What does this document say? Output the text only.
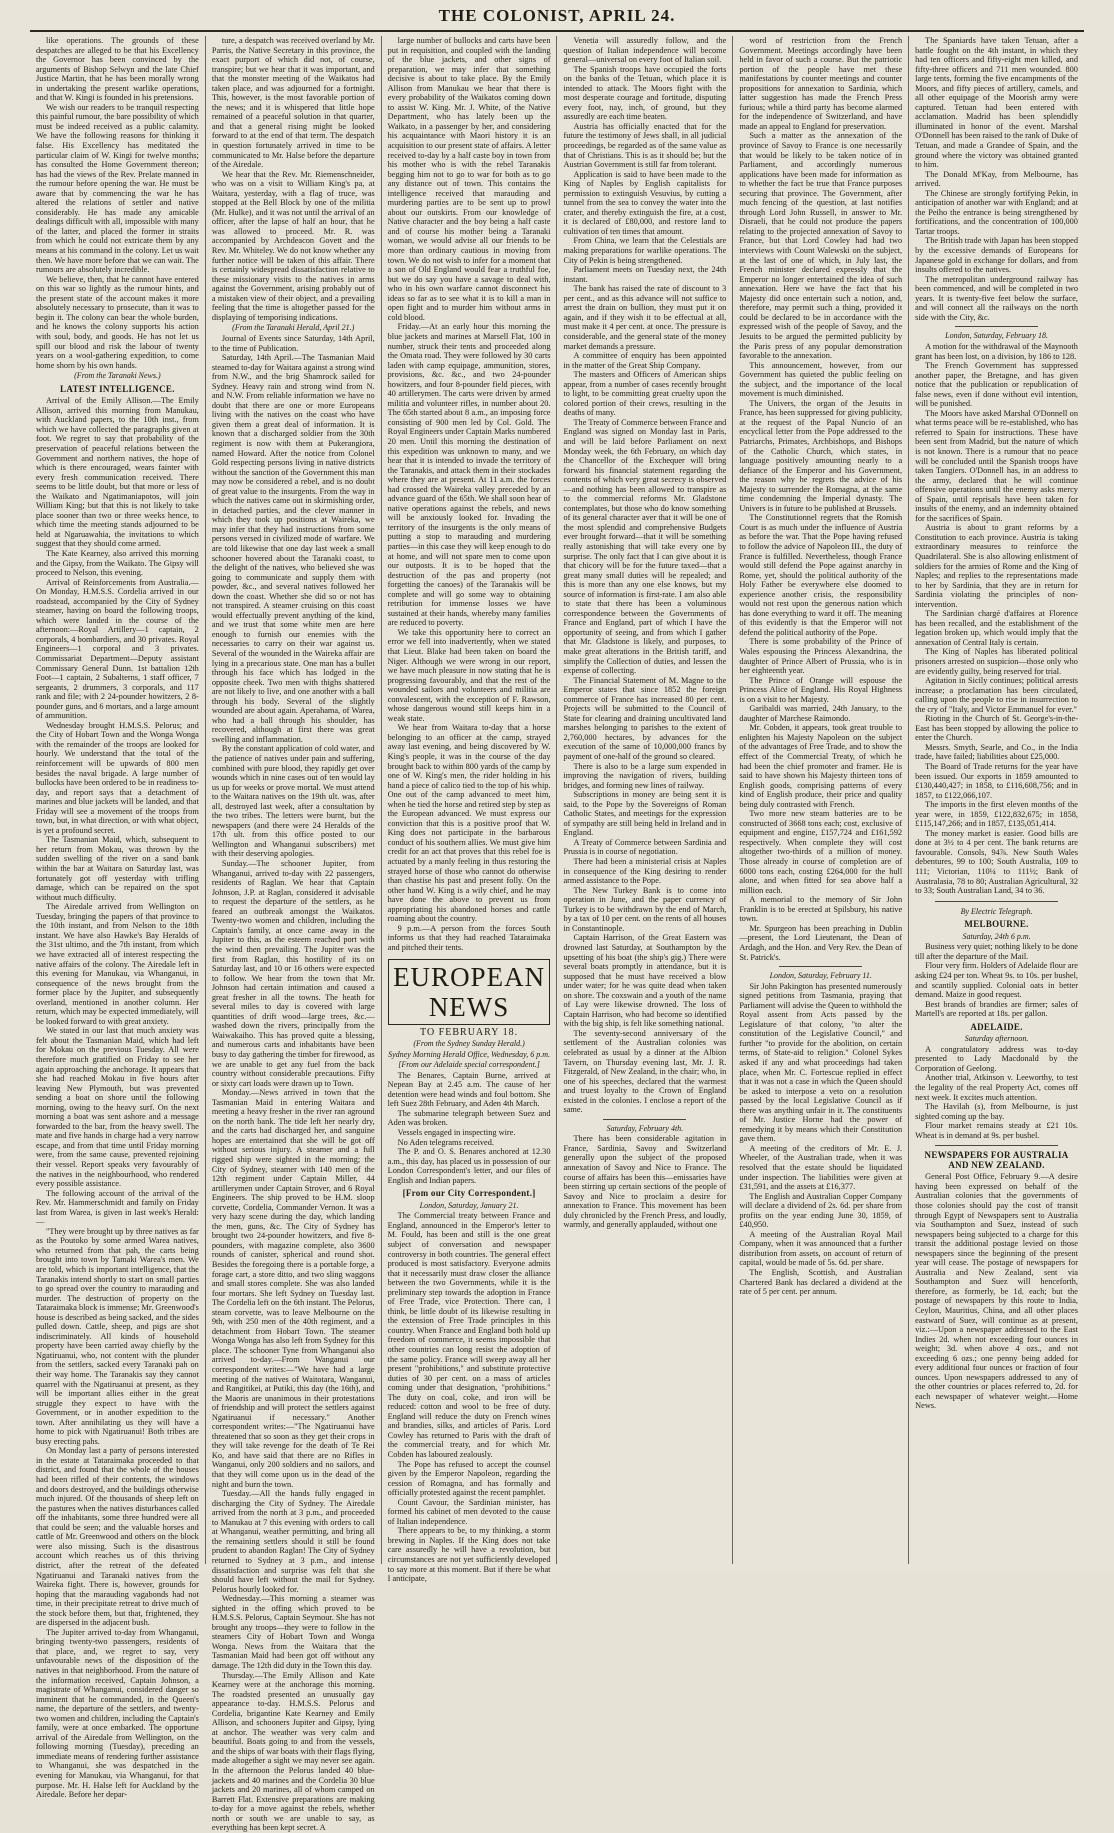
THE COLONIST, APRIL 24.

like operations. The grounds of these despatches are alleged to be that his Excellency the Governor has been convinced by the arguments of Bishop Selwyn and the late Chief Justice Martin, that he has been morally wrong in undertaking the present warlike operations, and that W. Kingi is founded in his pretensions.

We wish our readers to be tranquil respecting this painful rumour, the bare possibility of which must be indeed received as a public calamity. We have the following reasons for thinking it false. His Excellency has meditated the particular claim of W. Kingi for twelve months; has consulted the Home Government thereon; has had the views of the Rev. Prelate manned in the rumour before opening the war. He must be aware that by commencing the war he has altered the relations of settler and native considerably. He has made any amicable dealings difficult with all, impossible with many of the latter, and placed the former in straits from which he could not extricate them by any means at his command in the colony. Let us wait then. We have more before that we can wait. The rumours are absolutely incredible.

We believe, then, that he cannot have entered on this war so lightly as the rumour hints, and the present state of the account makes it more absolutely necessary to prosecute, than it was to begin it. The colony can bear the whole burden, and he knows the colony supports his action with soul, body, and goods. He has not let us spill our blood and risk the labour of twenty years on a wool-gathering expedition, to come home shorn by his own hands.

(From the Taranaki News.)
LATEST INTELLIGENCE.

Arrival of the Emily Allison.—The Emily Allison, arrived this morning from Manukau, with Auckland papers, to the 10th inst., from which we have collected the paragraphs given at foot. We regret to say that probability of the preservation of peaceful relations between the Government and northern natives, the hope of which is there encouraged, wears fainter with every fresh communication received. There seems to be little doubt, but that more or less of the Waikato and Ngatimaniapotos, will join William King; but that this is not likely to take place sooner than two or three weeks hence, to which time the meeting stands adjourned to be held at Ngaruawahia, the invitations to which suggest that they should come armed.

The Kate Kearney, also arrived this morning and the Gipsy, from the Waikato. The Gipsy will proceed to Nelson, this evening.

Arrival of Reinforcements from Australia.—On Monday, H.M.S.S. Cordelia arrived in our roadstead, accompanied by the City of Sydney steamer, having on board the following troops, which were landed in the course of the afternoon:—Royal Artillery—1 captain, 2 corporals, 4 bombardiers, and 30 privates. Royal Engineers—1 corporal and 3 privates. Commissariat Department—Deputy assistant Commissary General Dunn. 1st battalion 12th Foot—1 captain, 2 Subalterns, 1 staff officer, 7 sergeants, 2 drummers, 3 corporals, and 117 rank and file; with 2 24-pounder howitzers, 2 8-pounder guns, and 6 mortars, and a large amount of ammunition.

Wednesday brought H.M.S.S. Pelorus; and the City of Hobart Town and the Wonga Wonga with the remainder of the troops are looked for hourly. We understand that the total of the reinforcement will be upwards of 800 men besides the naval brigade. A large number of bullocks have been ordered to be in readiness to-day, and report says that a detachment of marines and blue jackets will be landed, and that Friday will see a movement of the troops from town, but, in what direction, or with what object, is yet a profound secret.

The Tasmanian Maid, which, subsequent to her return from Mokau, was thrown by the sudden swelling of the river on a sand bank within the bar at Waitara on Saturday last, was fortunately got off yesterday with trifling damage, which can be repaired on the spot without much difficulty.

The Airedale arrived from Wellington on Tuesday, bringing the papers of that province to the 10th instant, and from Nelson to the 18th instant. We have also Hawke's Bay Heralds of the 31st ultimo, and the 7th instant, from which we have extracted all of interest respecting the native affairs of the colony. The Airedale left in this evening for Manukau, via Whanganui, in consequence of the news brought from the former place by the Jupiter, and subsequently overland, mentioned in another column. Her return, which may be expected immediately, will be looked forward to with great anxiety.

We stated in our last that much anxiety was felt about the Tasmanian Maid, which had left for Mokau on the previous Tuesday. All were therefore much gratified on Friday to see her again approaching the anchorage. It appears that she had reached Mokau in five hours after leaving New Plymouth, but was prevented sending a boat on shore until the following morning, owing to the heavy surf. On the next morning a boat was sent ashore and a message forwarded to the bar, from the heavy swell. The mate and five hands in charge had a very narrow escape, and from that time until Friday morning were, from the same cause, prevented rejoining their vessel. Report speaks very favourably of the natives in the neighbourhood, who rendered every possible assistance.

The following account of the arrival of the Rev. Mr. Hammerschmidt and family on Friday last from Warea, is given in last week's Herald:—

"They were brought up by three natives as far as the Poutoko by some armed Warea natives, who returned from that pah, the carts being brought into town by Tamaki Warea's men. We are told, which is important intelligence, that the Taranakis intend shortly to start on small parties to go spread over the country to marauding and murder. The destruction of property on the Tataraimaka block is immense; Mr. Greenwood's house is described as being sacked, and the sides pulled down. Cattle, sheep, and pigs are shot indiscriminately. All kinds of household property have been carried away chiefly by the Ngatiruanui, who, not content with the plunder from the settlers, sacked every Taranaki pah on their way home. The Taranakis say they cannot quarrel with the Ngatiruanui at present, as they will be important allies either in the great struggle they expect to have with the Government, or in another expedition to the town. After annihilating us they will have a home to pick with Ngatiruanui! Both tribes are busy erecting pahs.

On Monday last a party of persons interested in the estate at Tataraimaka proceeded to that district, and found that the whole of the houses had been rifled of their contents, the windows and doors destroyed, and the buildings otherwise much injured. Of the thousands of sheep left on the pastures when the natives disturbances called off the inhabitants, some three hundred were all that could be seen; and the valuable horses and cattle of Mr. Greenwood and others on the block were also missing. Such is the disastrous account which reaches us of this thriving district, after the retreat of the defeated Ngatiruanui and Taranaki natives from the Waireka fight. There is, however, grounds for hoping that the marauding vagabonds had not time, in their precipitate retreat to drive much of the stock before them, but that, frightened, they are dispersed in the adjacent bush.

The Jupiter arrived to-day from Whanganui, bringing twenty-two passengers, residents of that place, and, we regret to say, very unfavourable news of the disposition of the natives in that neighborhood. From the nature of the information received, Captain Johnson, a magistrate of Whanganui, considered danger so imminent that he commanded, in the Queen's name, the departure of the settlers, and twenty-two women and children, including the Captain's family, were at once embarked. The opportune arrival of the Airedale from Wellington, on the following morning (Tuesday), preceding an immediate means of rendering further assistance to Whanganui, she was despatched in the evening for Manukau, via Whanganui, for that purpose. Mr. H. Halse left for Auckland by the Airedale. Before her depar-

ture, a despatch was received overland by Mr. Parris, the Native Secretary in this province, the exact purport of which did not, of course, transpire; but we hear that it was important, and that the monster meeting of the Waikatos had taken place, and was adjourned for a fortnight. This, however, is the most favorable portion of the news; and it is whispered that little hope remained of a peaceful solution in that quarter, and that a general rising might be looked forward to at the end of that term. The despatch in question fortunately arrived in time to be communicated to Mr. Halse before the departure of the Airedale.

We hear that the Rev. Mr. Riemenschneider, who was on a visit to William King's pa, at Waitara, yesterday, with a flag of truce, was stopped at the Bell Block by one of the militia (Mr. Hulke), and it was not until the arrival of an officer, after the lapse of half an hour, that he was allowed to proceed. Mr. R. was accompanied by Archdeacon Govett and the Rev. Mr. Whiteley. We do not know whether any further notice will be taken of this affair. There is certainly widespread dissatisfaction relative to these missionary visits to the natives in arms against the Government, arising probably out of a mistaken view of their object, and a prevailing feeling that the time is altogether passed for the displaying of temporising indications.

(From the Taranaki Herald, April 21.)

Journal of Events since Saturday, 14th April, to the time of Publication.

Saturday, 14th April.—The Tasmanian Maid steamed to-day for Waitara against a strong wind from N.W., and the brig Shamrock sailed for Sydney. Heavy rain and strong wind from N. and N.W. From reliable information we have no doubt that there are one or more Europeans living with the natives on the coast who have given them a great deal of information. It is known that a discharged soldier from the 30th regiment is now with them at Pukerangiora, named Howard. After the notice from Colonel Gold respecting persons living in native districts without the sanction of the Government this man may now be considered a rebel, and is no doubt of great value to the insurgents. From the way in which the natives came out in skirmishing order, in detached parties, and the clever manner in which they took up positions at Waireka, we may infer that they had instructions from some persons versed in civilized mode of warfare. We are told likewise that one day last week a small schooner hovered about the Taranaki coast, to the delight of the natives, who believed she was going to communicate and supply them with powder, &c., and several natives followed her down the coast. Whether she did so or not has not transpired. A steamer cruising on this coast would effectually prevent anything of the kind, and we trust that some white men are here enough to furnish our enemies with the necessaries to carry on their war against us. Several of the wounded in the Waireka affair are lying in a precarious state. One man has a bullet through his face which has lodged in the opposite cheek. Two men with thighs shattered are not likely to live, and one another with a ball through his body. Several of the slightly wounded are about again. Aperahama, of Warea, who had a ball through his shoulder, has recovered, although at first there was great swelling and inflammation.

By the constant application of cold water, and the patience of natives under pain and suffering, combined with pure blood, they rapidly get over wounds which in nine cases out of ten would lay us up for weeks or prove mortal. We must attend to the Waitara natives on the 19th ult. was, after all, destroyed last week, after a consultation by the two tribes. The letters were burnt, but the newspapers (and there were 24 Heralds of the 17th ult. from this office posted to our Wellington and Whanganui subscribers) met with their deserving apologies.

Sunday.—The schooner Jupiter, from Whanganui, arrived to-day with 22 passengers, residents of Raglan. We hear that Captain Johnson, J.P. at Raglan, considered it advisable to request the departure of the settlers, as he feared an outbreak amongst the Waikatos. Twenty-two women and children, including the Captain's family, at once came away in the Jupiter to this, as the esteem reached port with the wind then prevailing. The Jupiter was the first from Raglan, this hostility of its on Saturday last, and 10 or 16 others were expected to follow. We hear from the town that Mr. Johnson had certain intimation and caused a great fresher in all the towns. The heath for several miles to day is covered with large quantities of drift wood—large trees, &c.—washed down the rivers, principally from the Waiwakaiho. This has proved quite a blessing, and numerous carts and inhabitants have been busy to day gathering the timber for firewood, as we are unable to get any fuel from the back country without considerable precautions. Fifty or sixty cart loads were drawn up to Town.

Monday.—News arrived in town that the Tasmanian Maid in entering Waitara and meeting a heavy fresher in the river ran aground on the north bank. The tide left her nearly dry, and the carts had discharged her, and sanguine hopes are entertained that she will be got off without serious injury. A steamer and a full rigged ship were sighted in the morning; the City of Sydney, steamer with 140 men of the 12th regiment under Captain Miller, 44 artillerymen under Captain Strover, and 6 Royal Engineers. The ship proved to be H.M. sloop corvette, Cordelia, Commander Vernon. It was a very hazy scene during the day, which landing the men, guns, &c. The City of Sydney has brought two 24-pounder howitzers, and five 8-pounders, with magazine complete, also 3600 rounds of canister, spherical and round shot. Besides the foregoing there is a portable forge, a forage cart, a store ditto, and two sling waggons and small stores complete. She was also landed four mortars. She left Sydney on Tuesday last. The Cordelia left on the 6th instant. The Pelorus, steam corvette, was to leave Melbourne on the 9th, with 250 men of the 40th regiment, and a detachment from Hobart Town. The steamer Wonga Wonga has also left from Sydney for this place. The schooner Tyne from Whanganui also arrived to-day.—From Wanganui our correspondent writes:—"We have had a large meeting of the natives of Waitotara, Wanganui, and Rangitikei, at Putiki, this day (the 16th), and the Maoris are unanimous in their protestations of friendship and will protect the settlers against Ngatiruanui if necessary." Another correspondent writes:—"The Ngatiruanui have threatened that so soon as they get their crops in they will take revenge for the death of Te Rei Ko, and have said that there are no Rifles in Wanganui, only 200 soldiers and no sailors, and that they will come upon us in the dead of the night and burn the town.

Tuesday.—All the hands fully engaged in discharging the City of Sydney. The Airedale arrived from the north at 3 p.m., and proceeded to Manukau at 7 this evening with orders to call at Whanganui, weather permitting, and bring all the remaining settlers should it still be found prudent to abandon Raglan! The City of Sydney returned to Sydney at 3 p.m., and intense dissatisfaction and surprise was felt that she should have left without the mail for Sydney. Pelorus hourly looked for.

Wednesday.—This morning a steamer was sighted in the offing which proved to be H.M.S.S. Pelorus, Captain Seymour. She has not brought any troops—they were to follow in the steamers City of Hobart Town and Wonga Wonga. News from the Waitara that the Tasmanian Maid had been got off without any damage. The 12th did duty in the Town this day.

Thursday.—The Emily Allison and Kate Kearney were at the anchorage this morning. The roadsted presented an unusually gay appearance to-day. H.M.S.S. Pelorus and Cordelia, brigantine Kate Kearney and Emily Allison, and schooners Jupiter and Gipsy, lying at anchor. The weather was very calm and beautiful. Boats going to and from the vessels, and the ships of war boats with their flags flying, made altogether a sight we may never see again. In the afternoon the Pelorus landed 40 blue-jackets and 40 marines and the Cordelia 30 blue jackets and 20 marines, all of whom camped on Barrett Flat. Extensive preparations are making to-day for a move against the rebels, whether north or south we are unable to say, as everything has been kept secret. A

large number of bullocks and carts have been put in requisition, and coupled with the landing of the blue jackets, and other signs of preparation, we may infer that something decisive is about to take place. By the Emily Allison from Manukau we hear that there is every probability of the Waikatos coming down to assist W. King. Mr. J. White, of the Native Department, who has lately been up the Waikato, in a passenger by her, and considering his acquaintance with Maori history it is an acquisition to our present state of affairs. A letter received to-day by a half caste boy in town from his mother who is with the rebel Taranakis begging him not to go to war for both as to go any distance out of town. This contains the intelligence received that marauding and murdering parties are to be sent up to prowl about our outskirts. From our knowledge of Native character and the boy being a half caste and of course his mother being a Taranaki woman, we would advise all our friends to be more than ordinary cautious in moving from town. We do not wish to infer for a moment that a son of Old England would fear a truthful foe, but we do say you have a savage to deal with, who in his own warfare cannot disconnect his ideas so far as to see what it is to kill a man in open fight and to murder him without arms in cold blood.

Friday.—At an early hour this morning the blue jackets and marines at Marsell Flat, 100 in number, struck their tents and proceeded along the Omata road. They were followed by 30 carts laden with camp equipage, ammunition, stores, provisions, &c. &c., and two 24-pounder howitzers, and four 8-pounder field pieces, with 40 artillerymen. The carts were driven by armed militia and volunteer rifles, in number about 20. The 65th started about 8 a.m., an imposing force consisting of 900 men led by Col. Gold. The Royal Engineers under Captain Marks numbered 20 men. Until this morning the destination of this expedition was unknown to many, and we hear that it is intended to invade the territory of the Taranakis, and attack them in their stockades where they are at present. At 11 a.m. the forces had crossed the Waireka valley preceded by an advance guard of the 65th. We shall soon hear of native operations against the rebels, and news will be anxiously looked for. Invading the territory of the insurgents is the only means of putting a stop to marauding and murdering parties—in this case they will keep enough to do at home, and will not spare men to come upon our outposts. It is to be hoped that the destruction of the pas and property (not forgetting the canoes) of the Taranakis will be complete and will go some way to obtaining retribution for immense losses we have sustained at their hands, whereby many families are reduced to poverty.

We take this opportunity here to correct an error we fell into inadvertently, when we stated that Lieut. Blake had been taken on board the Niger. Although we were wrong in our report, we have much pleasure in now stating that he is progressing favourably, and that the rest of the wounded sailors and volunteers and militia are convalescent, with the exception of F. Rawson, whose dangerous wound still keeps him in a weak state.

We hear from Waitara to-day that a horse belonging to an officer at the camp, strayed away last evening, and being discovered by W. King's people, it was in the course of the day brought back to within 800 yards of the camp by one of W. King's men, the rider holding in his hand a piece of calico tied to the top of his whip. One out of the camp advanced to meet him, when he tied the horse and retired step by step as the European advanced. We must express our conviction that this is a positive proof that W. King does not participate in the barbarous conduct of his southern allies. We must give him credit for an act that proves that this rebel foe is actuated by a manly feeling in thus restoring the strayed horse of those who cannot do otherwise than chastise his past and present folly. On the other hand W. King is a wily chief, and he may have done the above to prevent us from appropriating his abandoned horses and cattle roaming about the country.

9 p.m.—A person from the forces South informs us that they had reached Tataraimaka and pitched their tents.

EUROPEAN NEWS
TO FEBRUARY 18.
(From the Sydney Sunday Herald.)
Sydney Morning Herald Office, Wednesday, 6 p.m.
[From our Adelaide special correspondent.]

The Benares, Captain Burne, arrived at Nepean Bay at 2.45 a.m. The cause of her detention were head winds and foul bottom. She left Suez 28th February, and Aden 4th March.

The submarine telegraph between Suez and Aden was broken.

Vessels engaged in inspecting wire.

No Aden telegrams received.

The P. and O. S. Benares anchored at 12.30 a.m., this day, has placed us in possession of our London Correspondent's letter, and our files of English and Indian papers.

[From our City Correspondent.]
London, Saturday, January 21.

The Commercial treaty between France and England, announced in the Emperor's letter to M. Fould, has been and still is the one great subject of conversation and newspaper controversy in both countries. The general effect produced is most satisfactory. Everyone admits that it necessarily must draw closer the alliance between the two Governments, while it is the preliminary step towards the adoption in France of Free Trade, vice Protection. There can, I think, be little doubt of its likewise resulting in the extension of Free Trade principles in this country. When France and England both hold up freedom of commerce, it seems impossible that other countries can long resist the adoption of the same policy. France will sweep away all her present "prohibitions," and substitute protective duties of 30 per cent. on a mass of articles coming under that designation, "prohibitions." The duty on coal, coke, and iron will be reduced: cotton and wool to be free of duty. England will reduce the duty on French wines and brandies, silks, and articles of Paris. Lord Cowley has returned to Paris with the draft of the commercial treaty, and for which Mr. Cobden has laboured zealously.

The Pope has refused to accept the counsel given by the Emperor Napoleon, regarding the cession of Romagna, and has formally and officially protested against the recent pamphlet.

Count Cavour, the Sardinian minister, has formed his cabinet of men devoted to the cause of Italian independence.

There appears to be, to my thinking, a storm brewing in Naples. If the King does not take care assuredly he will have a revolution, but circumstances are not yet sufficiently developed to say more at this moment. But if there be what I anticipate,

Venetia will assuredly follow, and the question of Italian independence will become general—universal on every foot of Italian soil.

The Spanish troops have occupied the forts on the banks of the Tetuan, which place it is intended to attack. The Moors fight with the most desperate courage and fortitude, disputing every foot, nay, inch, of ground, but they assuredly are each time beaten.

Austria has officially enacted that for the future the testimony of Jews shall, in all judicial proceedings, be regarded as of the same value as that of Christians. This is as it should be; but the Austrian Government is still far from tolerant.

Application is said to have been made to the King of Naples by English capitalists for permission to extinguish Vesuvius, by cutting a tunnel from the sea to convey the water into the crater, and thereby extinguish the fire, at a cost, it is declared of £80,000, and restore land to cultivation of ten times that amount.

From China, we learn that the Celestials are making preparations for warlike operations. The City of Pekin is being strengthened.

Parliament meets on Tuesday next, the 24th instant.

The bank has raised the rate of discount to 3 per cent., and as this advance will not suffice to arrest the drain on bullion, they must put it on again, and if they wish it to be effectual at all, must make it 4 per cent. at once. The pressure is considerable, and the general state of the money market demands a pressure.

A committee of enquiry has been appointed in the matter of the Great Ship Company.

The masters and Officers of American ships appear, from a number of cases recently brought to light, to be committing great cruelty upon the colored portion of their crews, resulting in the deaths of many.

The Treaty of Commerce between France and England was signed on Monday last in Paris, and will be laid before Parliament on next Monday week, the 6th February, on which day the Chancellor of the Exchequer will bring forward his financial statement regarding the contents of which very great secrecy is observed—and nothing has been allowed to transpire as to the commercial reforms Mr. Gladstone contemplates, but those who do know something of its general character aver that it will be one of the most splendid and comprehensive Budgets ever brought forward—that it will be something really astonishing that will take every one by surprise. The only fact that I can give about it is that chicory will be for the future taxed—that a great many small duties will be repealed; and this is more than any one else knows, but my source of information is first-rate. I am also able to state that there has been a voluminous correspondence between the Governments of France and England, part of which I have the opportunity of seeing, and from which I gather that Mr. Gladstone is likely, and purposes, to make great alterations in the British tariff, and simplify the Collection of duties, and lessen the expense of collecting.

The Financial Statement of M. Magne to the Emperor states that since 1852 the foreign commerce of France has increased 80 per cent. Projects will be submitted to the Council of State for clearing and draining uncultivated land marshes belonging to parishes to the extent of 2,760,000 hectares, by advances for the execution of the same of 10,000,000 francs by payment of one-half of the ground so cleared.

There is also to be a large sum expended in improving the navigation of rivers, building bridges, and forming new lines of railway.

Subscriptions in money are being sent it is said, to the Pope by the Sovereigns of Roman Catholic States, and meetings for the expression of sympathy are still being held in Ireland and in England.

A Treaty of Commerce between Sardinia and Prussia is in course of negotiation.

There had been a ministerial crisis at Naples in consequence of the King desiring to render armed assistance to the Pope.

The New Turkey Bank is to come into operation in June, and the paper currency of Turkey is to be withdrawn by the end of March, by a tax of 10 per cent. on the rents of all houses in Constantinople.

Captain Harrison, of the Great Eastern was drowned last Saturday, at Southampton by the upsetting of his boat (the ship's gig.) There were several boats promptly in attendance, but it is supposed that he must have received a blow under water; for he was quite dead when taken on shore. The coxswain and a youth of the name of Lay were likewise drowned. The loss of Captain Harrison, who had become so identified with the big ship, is felt like something national.

The seventy-second anniversary of the settlement of the Australian colonies was celebrated as usual by a dinner at the Albion Tavern, on Thursday evening last, Mr. J. R. Fitzgerald, of New Zealand, in the chair; who, in one of his speeches, declared that the warmest and truest loyalty to the Crown of England existed in the colonies. I enclose a report of the same.

Saturday, February 4th.

There has been considerable agitation in France, Sardinia, Savoy and Switzerland generally upon the subject of the proposed annexation of Savoy and Nice to France. The course of affairs has been this—emissaries have been stirring up certain sections of the people of Savoy and Nice to proclaim a desire for annexation to France. This movement has been duly chronicled by the French Press, and loudly, warmly, and generally applauded, without one

word of restriction from the French Government. Meetings accordingly have been held in favor of such a course. But the patriotic portion of the people have met these manifestations by counter meetings and counter propositions for annexation to Sardinia, which latter suggestion has made the French Press furious; while a third party has become alarmed for the independence of Switzerland, and have made an appeal to England for preservation.

Such a matter as the annexation of the province of Savoy to France is one necessarily that would be likely to be taken notice of in Parliament, and accordingly numerous applications have been made for information as to whether the fact be true that France purposes securing that province. The Government, after much fencing of the question, at last notifies through Lord John Russell, in answer to Mr. Disraeli, that he could not produce the papers relating to the projected annexation of Savoy to France, but that Lord Cowley had had two interviews with Count Walewski on the subject, at the last of one of which, in July last, the French minister declared expressly that the Emperor no longer entertained the idea of such annexation. Here we have the fact that his Majesty did once entertain such a notion, and, therefore, may permit such a thing, provided it could be declared to be in accordance with the expressed wish of the people of Savoy, and the Jesuits to be argued the permitted publicity by the Paris press of any popular demonstration favorable to the annexation.

This announcement, however, from our Government has quieted the public feeling on the subject, and the importance of the local movement is much diminished.

The Univers, the organ of the Jesuits in France, has been suppressed for giving publicity, at the request of the Papal Nuncio of an encyclical letter from the Pope addressed to the Patriarchs, Primates, Archbishops, and Bishops of the Catholic Church, which states, in language positively amounting nearly to a defiance of the Emperor and his Government, the reason why he regrets the advice of his Majesty to surrender the Romagna, at the same time condemning the Imperial dynasty. The Univers is in future to be published at Brussels.

The Constitutionnel regrets that the Romish Court is as much under the influence of Austria as before the war. That the Pope having refused to follow the advice of Napoleon III., the duty of France is fulfilled. Nevertheless, though France would still defend the Pope against anarchy in Rome, yet, should the political authority of the Holy Father be everywhere else doomed to experience another crisis, the responsibility would not rest upon the generous nation which has done everything to ward it off. The meaning of this evidently is that the Emperor will not defend the political authority of the Pope.

There is some probability of the Prince of Wales espousing the Princess Alexandrina, the daughter of Prince Albert of Prussia, who is in her eighteenth year.

The Prince of Orange will espouse the Princess Alice of England. His Royal Highness is on a visit to her Majesty.

Garibaldi was married, 24th January, to the daughter of Marchese Raimondo.

Mr. Cobden, it appears, took great trouble to enlighten his Majesty Napoleon on the subject of the advantages of Free Trade, and to show the effect of the Commercial Treaty, of which he had been the chief promoter and framer. He is said to have shown his Majesty thirteen tons of English goods, comprising patterns of every kind of English produce, their price and quality being duly contrasted with French.

Two more new steam batteries are to be constructed of 3668 tons each; cost, exclusive of equipment and engine, £157,724 and £161,592 respectively. When complete they will cost altogether two-thirds of a million of money. Those already in course of completion are of 6000 tons each, costing £264,000 for the hull alone, and when fitted for sea above half a million each.

A memorial to the memory of Sir John Franklin is to be erected at Spilsbury, his native town.

Mr. Spurgeon has been preaching in Dublin—present, the Lord Lieutenant, the Dean of Ardagh, and the Hon. and Very Rev. the Dean of St. Patrick's.

London, Saturday, February 11.

Sir John Pakington has presented numerously signed petitions from Tasmania, praying that Parliament will advise the Queen to withhold the Royal assent from Acts passed by the Legislature of that colony, "to alter the constitution of the Legislative Council," and further "to provide for the abolition, on certain terms, of State-aid to religion." Colonel Sykes asked if any and what proceedings had taken place, when Mr. C. Fortescue replied in effect that it was not a case in which the Queen should be asked to interpose a veto on a resolution passed by the local Legislative Council as if there was anything unfair in it. The constituents of Mr. Justice Horne had the power of remedying it by means which their Constitution gave them.

A meeting of the creditors of Mr. E. J. Wheeler, of the Australian trade, when it was resolved that the estate should be liquidated under inspection. The liabilities were given at £31,591, and the assets at £16,377.

The English and Australian Copper Company will declare a dividend of 2s. 6d. per share from profits on the year ending June 30, 1859, of £40,950.

A meeting of the Australian Royal Mail Company, when it was announced that a further distribution from assets, on account of return of capital, would be made of 5s. 6d. per share.

The English, Scottish, and Australian Chartered Bank has declared a dividend at the rate of 5 per cent. per annum.

The Spaniards have taken Tetuan, after a battle fought on the 4th instant, in which they had ten officers and fifty-eight men killed, and fifty-three officers and 711 men wounded. 800 large tents, forming the five encampments of the Moors, and fifty pieces of artillery, camels, and all other equipage of the Moorish army were captured. Tetuan had been entered with acclamation. Madrid has been splendidly illuminated in honor of the event. Marshal O'Donnell has been raised to the rank of Duke of Tetuan, and made a Grandee of Spain, and the ground where the victory was obtained granted to him.

The Donald M'Kay, from Melbourne, has arrived.

The Chinese are strongly fortifying Pekin, in anticipation of another war with England; and at the Peiho the entrance is being strengthened by fortifications, and the concentration of 100,000 Tartar troops.

The British trade with Japan has been stopped by the excessive demands of Europeans for Japanese gold in exchange for dollars, and from insults offered to the natives.

The metropolitan underground railway has been commenced, and will be completed in two years. It is twenty-five feet below the surface, and will connect all the railways on the north side with the City, &c.

London, Saturday, February 18.

A motion for the withdrawal of the Maynooth grant has been lost, on a division, by 186 to 128.

The French Government has suppressed another paper, the Bretagne, and has given notice that the publication or republication of false news, even if done without evil intention, will be punished.

The Moors have asked Marshal O'Donnell on what terms peace will be re-established, who has referred to Spain for instructions. These have been sent from Madrid, but the nature of which is not known. There is a rumour that no peace will be concluded until the Spanish troops have taken Tangiers. O'Donnell has, in an address to the army, declared that he will continue offensive operations until the enemy asks mercy of Spain, until reprisals have been taken for insults of the enemy, and an indemnity obtained for the sacrifices of Spain.

Austria is about to grant reforms by a Constitution to each province. Austria is taking extraordinary measures to reinforce the Quadrilateral. She is also allowing enlistment of soldiers for the armies of Rome and the King of Naples; and replies to the representations made to her by Sardinia, that they are in return for Sardinia violating the principles of non-intervention.

The Sardinian chargé d'affaires at Florence has been recalled, and the establishment of the legation broken up, which would imply that the annexation of Central Italy is certain.

The King of Naples has liberated political prisoners arrested on suspicion—those only who are evidently guilty, being reserved for trial.

Agitation in Sicily continues; political arrests increase; a proclamation has been circulated, calling upon the people to rise in insurrection to the cry of "Italy, and Victor Emmanuel for ever."

Rioting in the Church of St. George's-in-the-East has been stopped by allowing the police to enter the Church.

Messrs. Smyth, Searle, and Co., in the India trade, have failed; liabilities about £25,000.

The Board of Trade returns for the year have been issued. Our exports in 1859 amounted to £130,440,427; in 1858, to £116,608,756; and in 1857, to £122,066,107.

The imports in the first eleven months of the year were, in 1859, £122,832,675; in 1858, £115,147,266; and in 1857, £135,051,414.

The money market is easier. Good bills are done at 3½ to 4 per cent. The bank returns are favourable. Consols, 94⅞. New South Wales debentures, 99 to 100; South Australia, 109 to 111; Victorian, 110¼ to 111½; Bank of Australasia, 78 to 80; Australian Agricultural, 32 to 33; South Australian Land, 34 to 36.

By Electric Telegraph.
MELBOURNE.
Saturday, 24th 6 p.m.

Business very quiet; nothing likely to be done till after the departure of the Mail.

Flour very firm. Holders of Adelaide flour are asking £24 per ton. Wheat 9s. to 10s. per bushel, and scantily supplied. Colonial oats in better demand. Maize in good request.

Best brands of brandies are firmer; sales of Martell's are reported at 18s. per gallon.

ADELAIDE.
Saturday afternoon.

A congratulatory address was to-day presented to Lady Macdonald by the Corporation of Geelong.

Another trial, Atkinson v. Leeworthy, to test the legality of the real Property Act, comes off next week. It excites much attention.

The Havilah (s), from Melbourne, is just sighted coming up the bay.

Flour market remains steady at £21 10s. Wheat is in demand at 9s. per bushel.

NEWSPAPERS FOR AUSTRALIA AND NEW ZEALAND.

General Post Office, February 9.—A desire having been expressed on behalf of the Australian colonies that the governments of those colonies should pay the cost of transit through Egypt of Newspapers sent to Australia via Southampton and Suez, instead of such newspapers being subjected to a charge for this transit the additional postage levied on those newspapers since the beginning of the present year will cease. The postage of newspapers for Australia and New Zealand, sent via Southampton and Suez will henceforth, therefore, as formerly, be 1d. each; but the postage of newspapers by this route to India, Ceylon, Mauritius, China, and all other places eastward of Suez, will continue as at present, viz.:—Upon a newspaper addressed to the East Indies 2d. when not exceeding four ounces in weight; 3d. when above 4 ozs., and not exceeding 6 ozs.; one penny being added for every additional four ounces or fraction of four ounces. Upon newspapers addressed to any of the other countries or places referred to, 2d. for each newspaper of whatever weight.—Home News.
